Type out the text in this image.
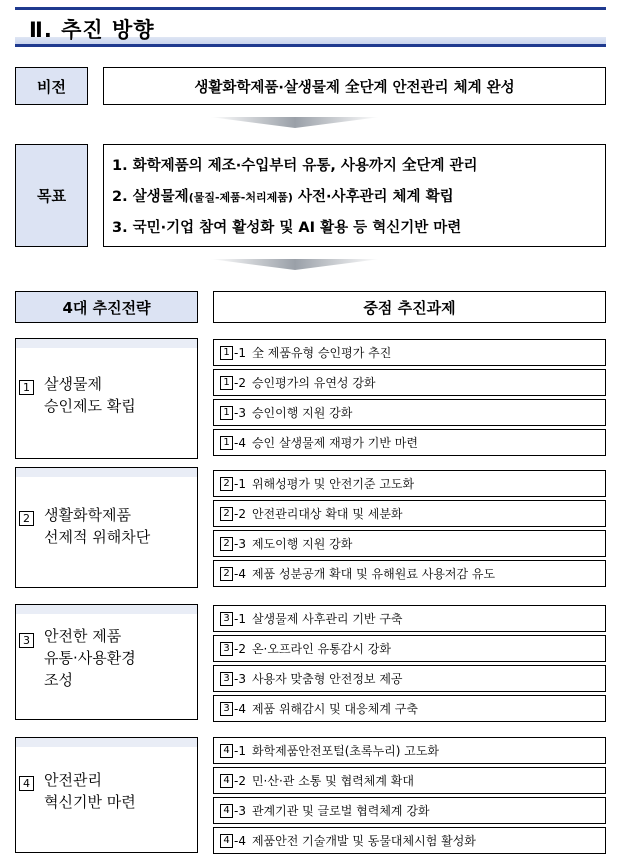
Ⅱ. 추진 방향
비전	생활화학제품·살생물제 全단계 안전관리 체계 완성
목표
1. 화학제품의 제조·수입부터 유통, 사용까지 全단계 관리
2. 살생물제(물질-제품-처리제품) 사전·사후관리 체계 확립
3. 국민·기업 참여 활성화 및 AI 활용 등 혁신기반 마련
4대 추진전략	중점 추진과제
1 살생물제
승인제도 확립
1 -1 全 제품유형 승인평가 추진
1 -2 승인평가의 유연성 강화
1 -3 승인이행 지원 강화
1 -4 승인 살생물제 재평가 기반 마련
2 생활화학제품
선제적 위해차단
2 -1 위해성평가 및 안전기준 고도화
2 -2 안전관리대상 확대 및 세분화
2 -3 제도이행 지원 강화
2 -4 제품 성분공개 확대 및 유해원료 사용저감 유도
3 안전한 제품
유통·사용환경
조성
3 -1 살생물제 사후관리 기반 구축
3 -2 온·오프라인 유통감시 강화
3 -3 사용자 맞춤형 안전정보 제공
3 -4 제품 위해감시 및 대응체계 구축
4 안전관리
혁신기반 마련
4 -1 화학제품안전포털(초록누리) 고도화
4 -2 민·산·관 소통 및 협력체계 확대
4 -3 관계기관 및 글로벌 협력체계 강화
4 -4 제품안전 기술개발 및 동물대체시험 활성화
